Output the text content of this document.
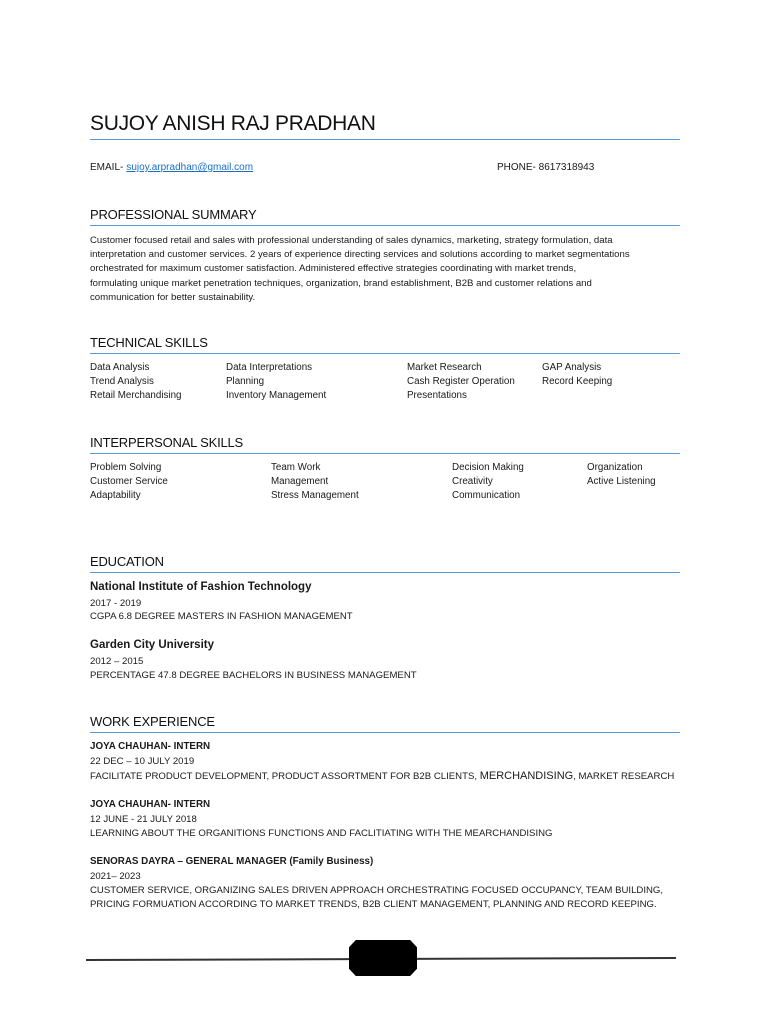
SUJOY ANISH RAJ PRADHAN
EMAIL- sujoy.arpradhan@gmail.com	PHONE- 8617318943
PROFESSIONAL SUMMARY
Customer focused retail and sales with professional understanding of sales dynamics, marketing, strategy formulation, data
interpretation and customer services. 2 years of experience directing services and solutions according to market segmentations
orchestrated for maximum customer satisfaction. Administered effective strategies coordinating with market trends,
formulating unique market penetration techniques, organization, brand establishment, B2B and customer relations and
communication for better sustainability.
TECHNICAL SKILLS
Data Analysis	Data Interpretations	Market Research	GAP Analysis
Trend Analysis	Planning	Cash Register Operation	Record Keeping
Retail Merchandising	Inventory Management	Presentations
INTERPERSONAL SKILLS
Problem Solving	Team Work	Decision Making	Organization
Customer Service	Management	Creativity	Active Listening
Adaptability	Stress Management	Communication
EDUCATION
National Institute of Fashion Technology
2017 - 2019
CGPA 6.8 DEGREE MASTERS IN FASHION MANAGEMENT
Garden City University
2012 – 2015
PERCENTAGE 47.8 DEGREE BACHELORS IN BUSINESS MANAGEMENT
WORK EXPERIENCE
JOYA CHAUHAN- INTERN
22 DEC – 10 JULY 2019
FACILITATE PRODUCT DEVELOPMENT, PRODUCT ASSORTMENT FOR B2B CLIENTS, MERCHANDISING, MARKET RESEARCH
JOYA CHAUHAN- INTERN
12 JUNE - 21 JULY 2018
LEARNING ABOUT THE ORGANITIONS FUNCTIONS AND FACLITIATING WITH THE MEARCHANDISING
SENORAS DAYRA – GENERAL MANAGER (Family Business)
2021– 2023
CUSTOMER SERVICE, ORGANIZING SALES DRIVEN APPROACH ORCHESTRATING FOCUSED OCCUPANCY, TEAM BUILDING,
PRICING FORMUATION ACCORDING TO MARKET TRENDS, B2B CLIENT MANAGEMENT, PLANNING AND RECORD KEEPING.
